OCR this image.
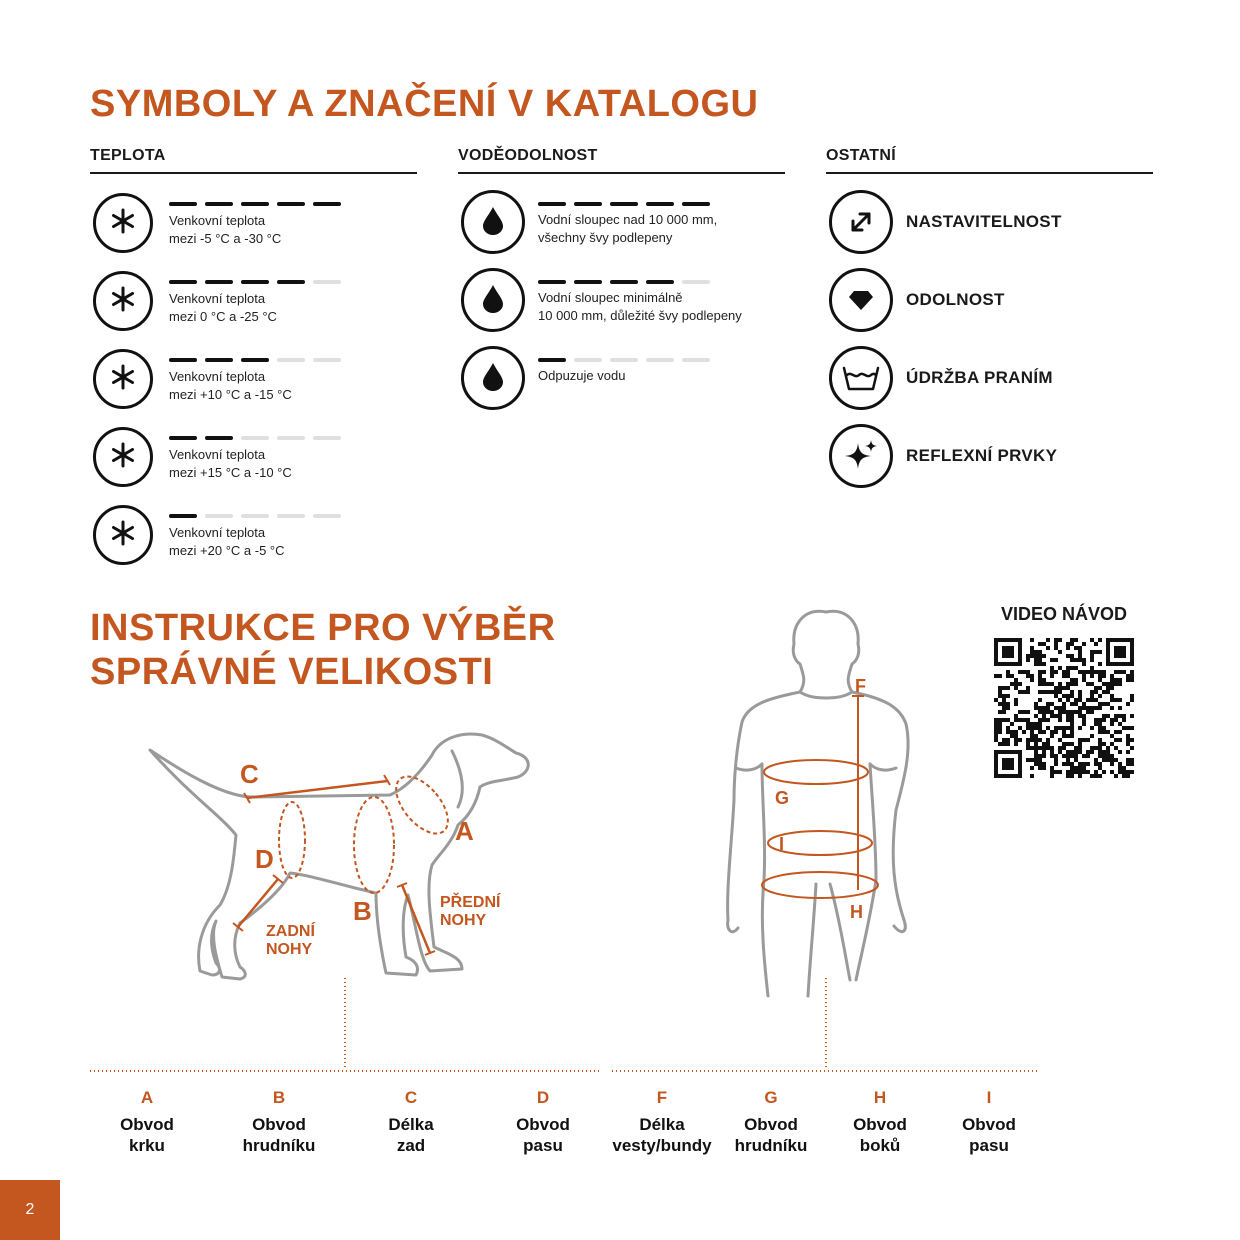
SYMBOLY A ZNAČENÍ V KATALOGU
TEPLOTA	VODĚODOLNOST	OSTATNÍ
Venkovní teplota
mezi -5 °C a -30 °C
Venkovní teplota
mezi 0 °C a -25 °C
Venkovní teplota
mezi +10 °C a -15 °C
Venkovní teplota
mezi +15 °C a -10 °C
Venkovní teplota
mezi +20 °C a -5 °C
Vodní sloupec nad 10 000 mm,
všechny švy podlepeny
Vodní sloupec minimálně
10 000 mm, důležité švy podlepeny
Odpuzuje vodu
NASTAVITELNOST
ODOLNOST
ÚDRŽBA PRANÍM
REFLEXNÍ PRVKY
INSTRUKCE PRO VÝBĚR
SPRÁVNÉ VELIKOSTI
C
A
D
B	PŘEDNÍ
NOHY
ZADNÍ
NOHY
F
G
I
H
VIDEO NÁVOD
A
Obvod
krku
B
Obvod
hrudníku
C
Délka
zad
D
Obvod
pasu
F
Délka
vesty/bundy
G
Obvod
hrudníku
H
Obvod
boků
I
Obvod
pasu
2
